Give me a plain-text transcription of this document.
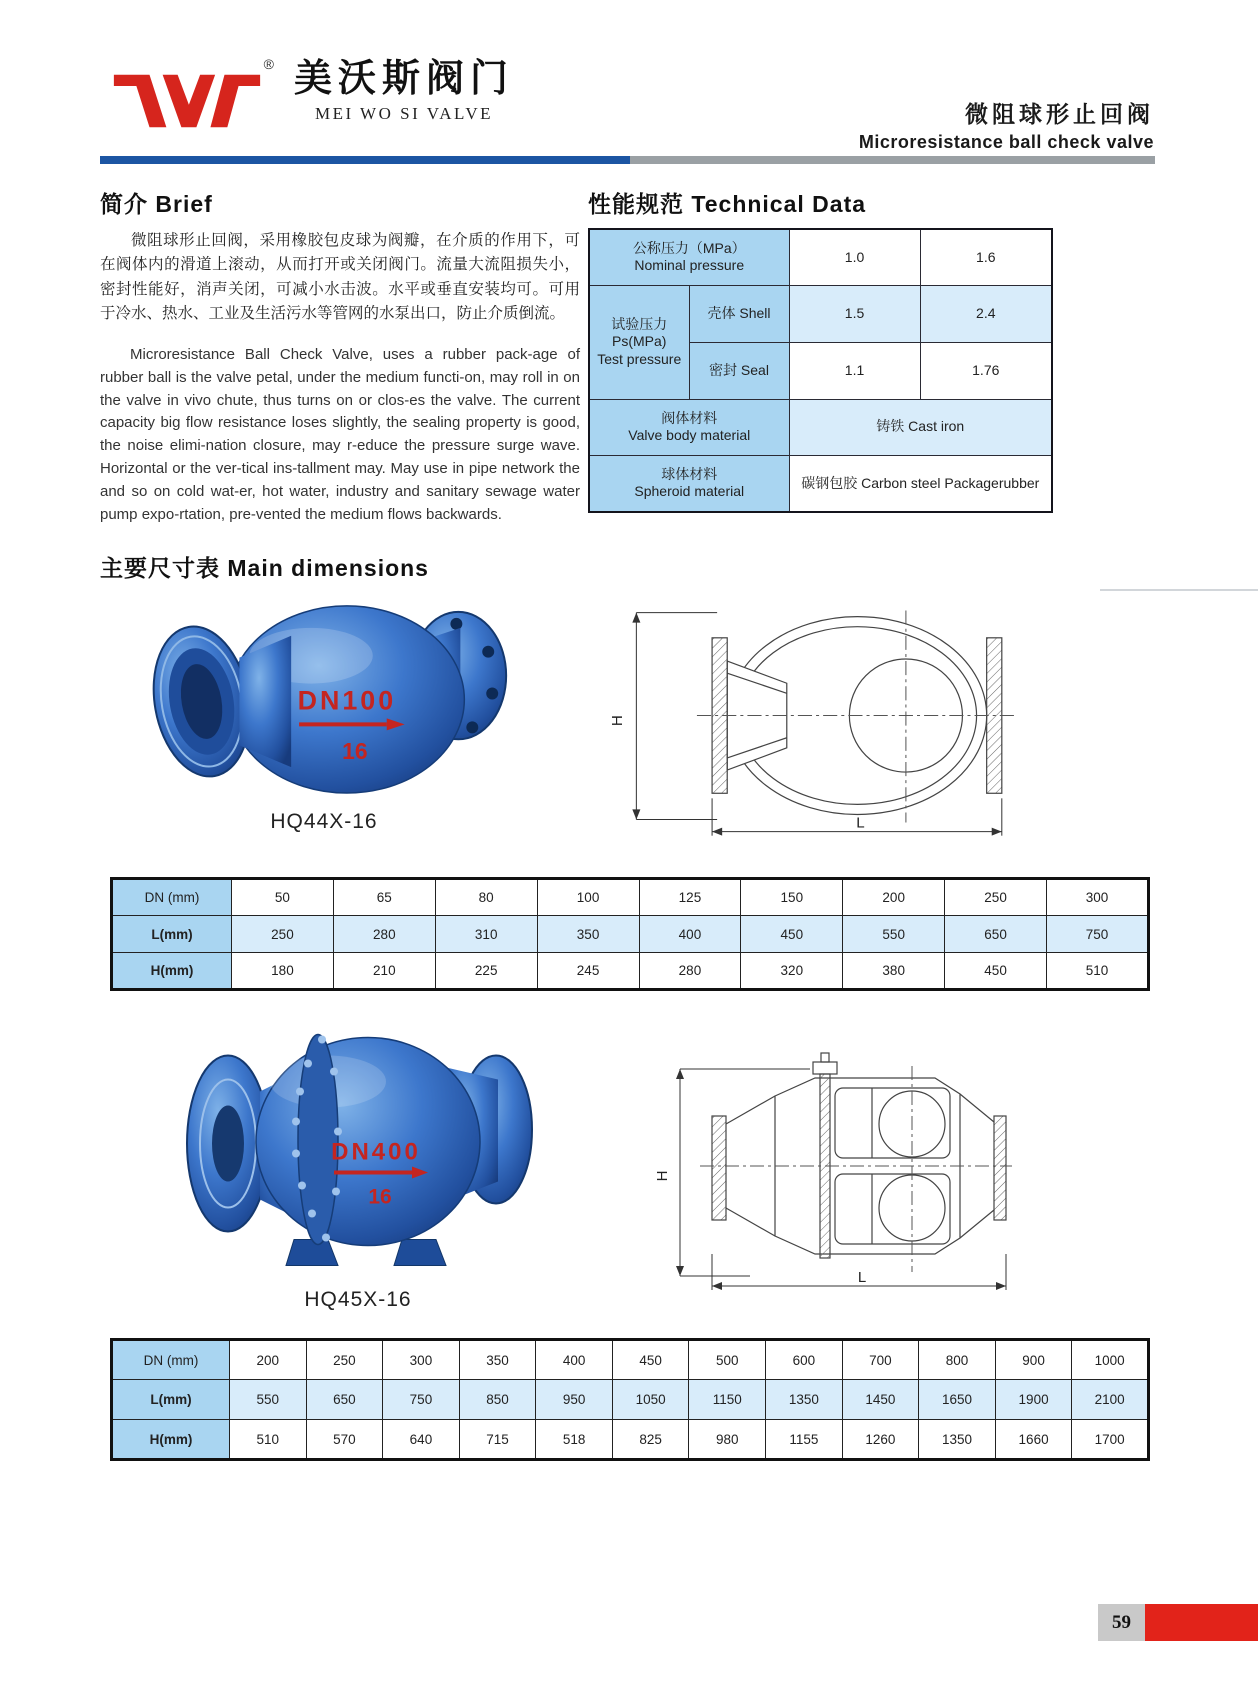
® 美沃斯阀门
MEI WO SI VALVE	微阻球形止回阀
Microresistance ball check valve
简介 Brief

微阻球形止回阀，采用橡胶包皮球为阀瓣，在介质的作用下，可在阀体内的滑道上滚动，从而打开或关闭阀门。流量大流阻损失小，密封性能好，消声关闭，可减小水击波。水平或垂直安装均可。可用于冷水、热水、工业及生活污水等管网的水泵出口，防止介质倒流。

Microresistance Ball Check Valve, uses a rubber pack-age of rubber ball is the valve petal, under the medium functi-on, may roll in on the valve in vivo chute, thus turns on or clos-es the valve. The current capacity big flow resistance loses slightly, the sealing property is good, the noise elimi-nation closure, may r-educe the pressure surge wave. Horizontal or the ver-tical ins-tallment may. May use in pipe network the and so on cold wat-er, hot water, industry and sanitary sewage water pump expo-rtation, pre-vented the medium flows backwards.

性能规范 Technical Data
公称压力（MPa）
Nominal pressure		1.0	1.6

试验压力
Ps(MPa)
Test pressure	壳体 Shell	1.5	2.4
	密封 Seal	1.1	1.76

阀体材料
Valve body material		铸铁 Cast iron	

球体材料
Spheroid material		碳钢包胶 Carbon steel Packagerubber	
主要尺寸表 Main dimensions
DN100
16
HQ44X-16
H
L
DN (mm)	50	65	80	100	125	150	200	250	300
L(mm)	250	280	310	350	400	450	550	650	750
H(mm)	180	210	225	245	280	320	380	450	510
DN400
16
HQ45X-16
H
L
DN (mm)	200	250	300	350	400	450	500	600	700	800	900	1000
L(mm)	550	650	750	850	950	1050	1150	1350	1450	1650	1900	2100
H(mm)	510	570	640	715	518	825	980	1155	1260	1350	1660	1700
59
